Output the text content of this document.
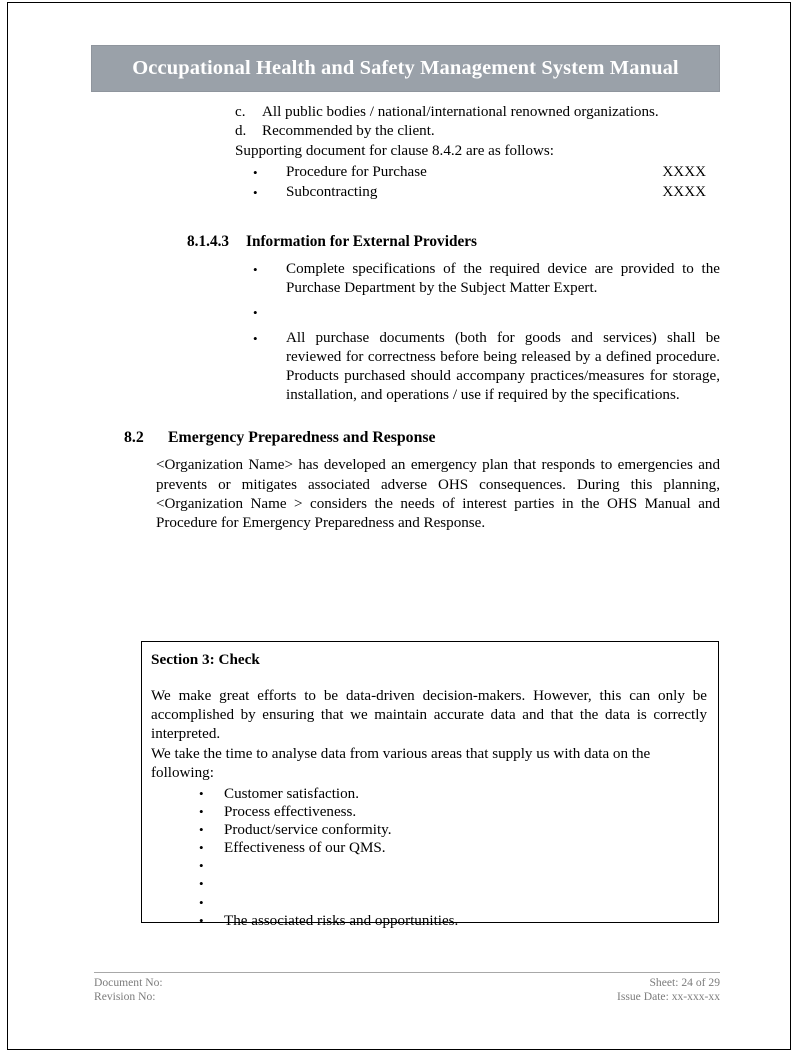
Occupational Health and Safety Management System Manual
c.	All public bodies / national/international renowned organizations.
d.	Recommended by the client.
Supporting document for clause 8.4.2 are as follows:
•	Procedure for Purchase	XXXX
•	Subcontracting	XXXX
8.1.4.3	Information for External Providers
•	Complete specifications of the required device are provided to the Purchase Department by the Subject Matter Expert.
•
•	All purchase documents (both for goods and services) shall be reviewed for correctness before being released by a defined procedure. Products purchased should accompany practices/measures for storage, installation, and operations / use if required by the specifications.
8.2	Emergency Preparedness and Response
<Organization Name> has developed an emergency plan that responds to emergencies and prevents or mitigates associated adverse OHS consequences. During this planning, <Organization Name > considers the needs of interest parties in the OHS Manual and Procedure for Emergency Preparedness and Response.
Section 3: Check
We make great efforts to be data-driven decision-makers. However, this can only be accomplished by ensuring that we maintain accurate data and that the data is correctly interpreted.
We take the time to analyse data from various areas that supply us with data on the following:
•	Customer satisfaction.
•	Process effectiveness.
•	Product/service conformity.
•	Effectiveness of our QMS.
•
•
•
•	The associated risks and opportunities.
Document No:	Sheet: 24 of 29
Revision No:	Issue Date: xx-xxx-xx
